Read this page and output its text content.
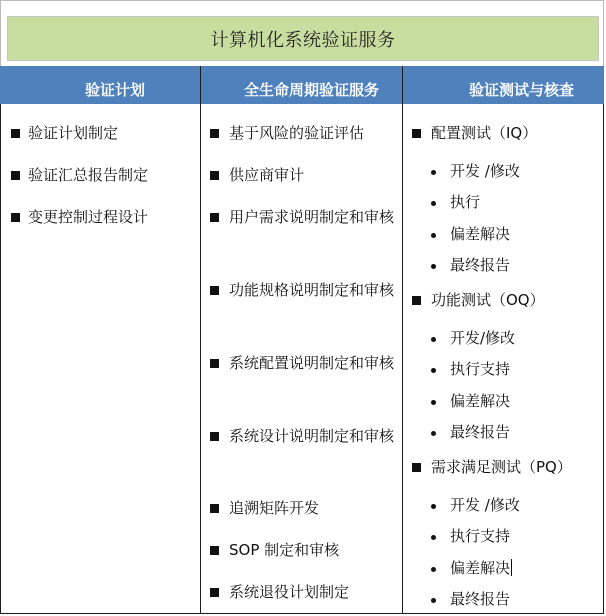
计算机化系统验证服务
验证计划	全生命周期验证服务	验证测试与核查
验证计划制定
验证汇总报告制定
变更控制过程设计
基于风险的验证评估
供应商审计
用户需求说明制定和审核
功能规格说明制定和审核
系统配置说明制定和审核
系统设计说明制定和审核
追溯矩阵开发
SOP 制定和审核
系统退役计划制定
配置测试（IQ）
开发 /修改
执行
偏差解决
最终报告
功能测试（OQ）
开发/修改
执行支持
偏差解决
最终报告
需求满足测试（PQ）
开发 /修改
执行支持
偏差解决
最终报告
